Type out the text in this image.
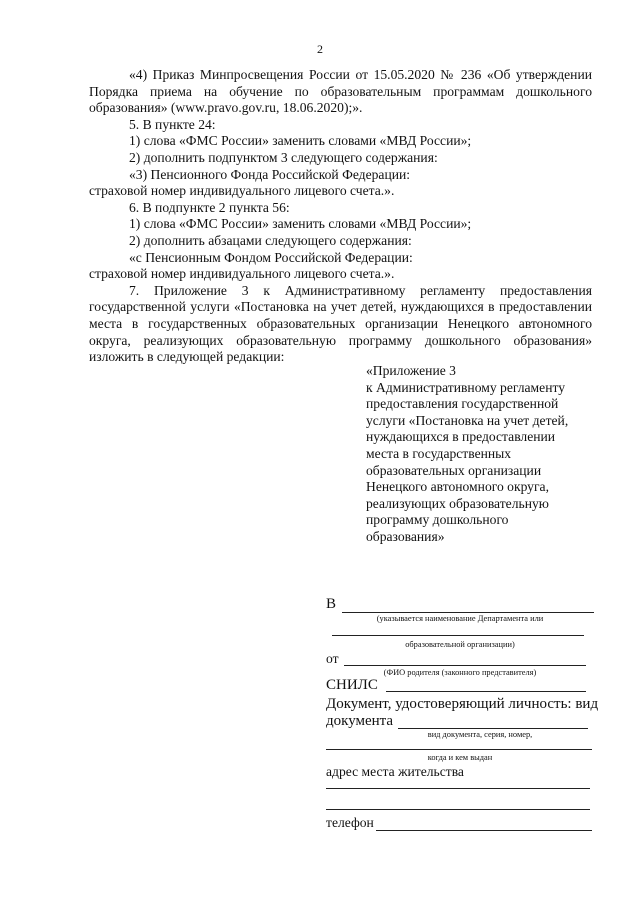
2

«4) Приказ Минпросвещения России от 15.05.2020 № 236 «Об утверждении Порядка приема на обучение по образовательным программам дошкольного образования» (www.pravo.gov.ru, 18.06.2020);».

5. В пункте 24:

1) слова «ФМС России» заменить словами «МВД России»;

2) дополнить подпунктом 3 следующего содержания:

«3) Пенсионного Фонда Российской Федерации:

страховой номер индивидуального лицевого счета.».

6. В подпункте 2 пункта 56:

1) слова «ФМС России» заменить словами «МВД России»;

2) дополнить абзацами следующего содержания:

«с Пенсионным Фондом Российской Федерации:

страховой номер индивидуального лицевого счета.».

7. Приложение 3 к Административному регламенту предоставления государственной услуги «Постановка на учет детей, нуждающихся в предоставлении места в государственных образовательных организации Ненецкого автономного округа, реализующих образовательную программу дошкольного образования» изложить в следующей редакции:

«Приложение 3
к Административному регламенту
предоставления государственной
услуги «Постановка на учет детей,
нуждающихся в предоставлении
места в государственных
образовательных организации
Ненецкого автономного округа,
реализующих образовательную
программу дошкольного
образования»
В
(указывается наименование Департамента или
образовательной организации)
от
(ФИО родителя (законного представителя)
СНИЛС
Документ, удостоверяющий личность: вид
документа
вид документа, серия, номер,
когда и кем выдан
адрес места жительства
телефон
